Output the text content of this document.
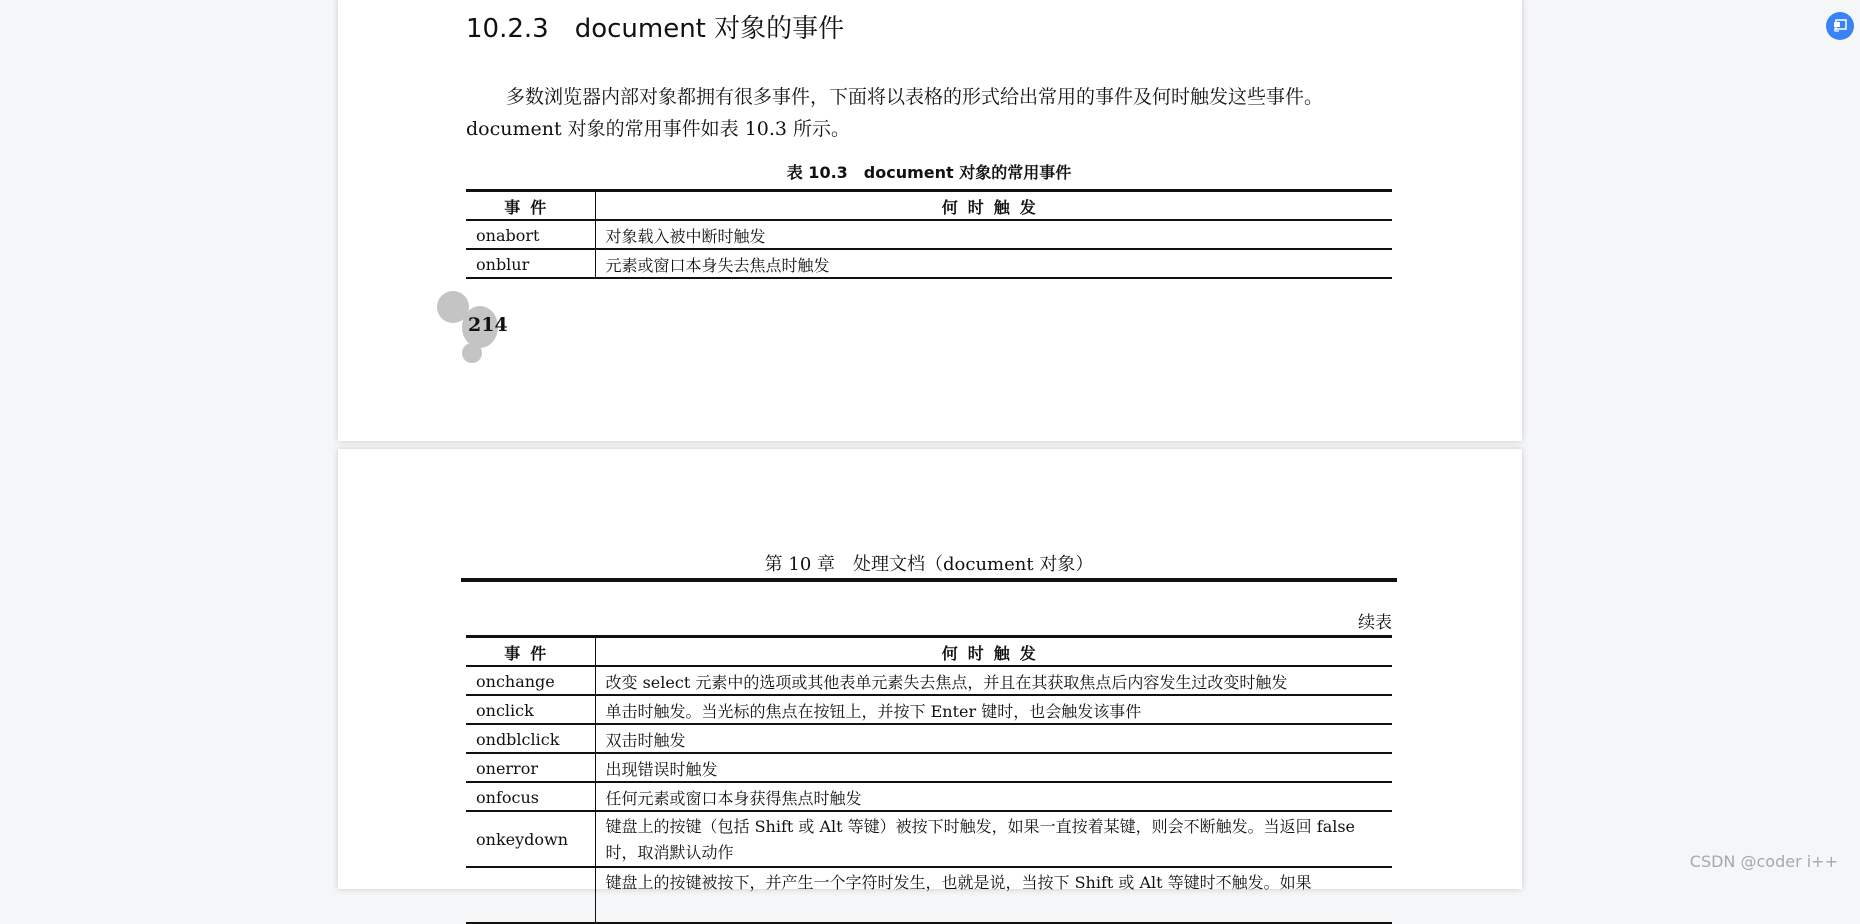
10.2.3　document 对象的事件
多数浏览器内部对象都拥有很多事件，下面将以表格的形式给出常用的事件及何时触发这些事件。
document 对象的常用事件如表 10.3 所示。
表 10.3　document 对象的常用事件
事件	何时触发
onabort	对象载入被中断时触发
onblur	元素或窗口本身失去焦点时触发
214
第 10 章　处理文档（document 对象）
续表
事件	何时触发
onchange	改变 select 元素中的选项或其他表单元素失去焦点，并且在其获取焦点后内容发生过改变时触发
onclick	单击时触发。当光标的焦点在按钮上，并按下 Enter 键时，也会触发该事件
ondblclick	双击时触发
onerror	出现错误时触发
onfocus	任何元素或窗口本身获得焦点时触发
onkeydown	键盘上的按键（包括 Shift 或 Alt 等键）被按下时触发，如果一直按着某键，则会不断触发。当返回 false 时，取消默认动作
	键盘上的按键被按下，并产生一个字符时发生，也就是说，当按下 Shift 或 Alt 等键时不触发。如果
CSDN @coder i++
